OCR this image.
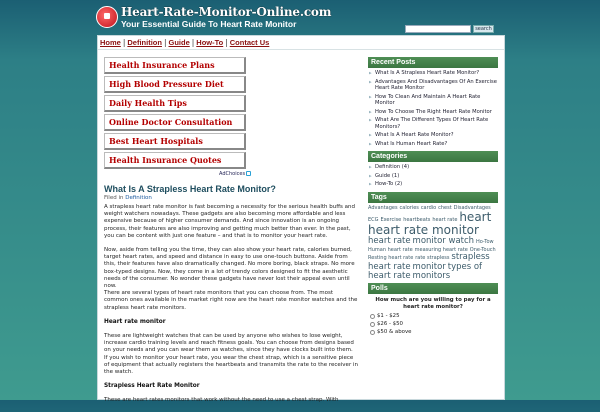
Heart-Rate-Monitor-Online.com
Your Essential Guide To Heart Rate Monitor
search
Home | Definition | Guide | How-To | Contact Us
Health Insurance Plans
High Blood Pressure Diet
Daily Health Tips
Online Doctor Consultation
Best Heart Hospitals
Health Insurance Quotes
AdChoices
What Is A Strapless Heart Rate Monitor?
Filed in Definition

A strapless heart rate monitor is fast becoming a necessity for the serious health buffs and weight watchers nowadays. These gadgets are also becoming more affordable and less expensive because of higher consumer demands. And since innovation is an ongoing process, their features are also improving and getting much better than ever. In the past, you can be content with just one feature – and that is to monitor your heart rate.

Now, aside from telling you the time, they can also show your heart rate, calories burned, target heart rates, and speed and distance in easy to use one-touch buttons. Aside from this, their features have also dramatically changed. No more boring, black straps. No more box-typed designs. Now, they come in a lot of trendy colors designed to fit the aesthetic needs of the consumer. No wonder these gadgets have never lost their appeal even until now.
There are several types of heart rate monitors that you can choose from. The most common ones available in the market right now are the heart rate monitor watches and the strapless heart rate monitors.

Heart rate monitor

These are lightweight watches that can be used by anyone who wishes to lose weight, increase cardio training levels and reach fitness goals. You can choose from designs based on your needs and you can wear them as watches, since they have clocks built into them. If you wish to monitor your heart rate, you wear the chest strap, which is a sensitive piece of equipment that actually registers the heartbeats and transmits the rate to the receiver in the watch.

Strapless Heart Rate Monitor

These are heart rates monitors that work without the need to use a chest strap. With

Recent Posts
▶ What Is A Strapless Heart Rate Monitor?
▶ Advantages And Disadvantages Of An Exercise Heart Rate Monitor
▶ How To Clean And Maintain A Heart Rate Monitor
▶ How To Choose The Right Heart Rate Monitor
▶ What Are The Different Types Of Heart Rate Monitors?
▶ What Is A Heart Rate Monitor?
▶ What Is Human Heart Rate?
Categories
▶ Definition (4)
▶ Guide (1)
▶ How-To (2)
Tags
Advantages calories cardio chest Disadvantages ECG Exercise heartbeats heart rate heart heart rate monitor heart rate monitor watch Ho-Tow Human heart rate measuring heart rate One-Touch Resting heart rate rate strapless strapless heart rate monitor types of heart rate monitors
Polls
How much are you willing to pay for a heart rate monitor?
$1 - $25
$26 - $50
$50 & above
